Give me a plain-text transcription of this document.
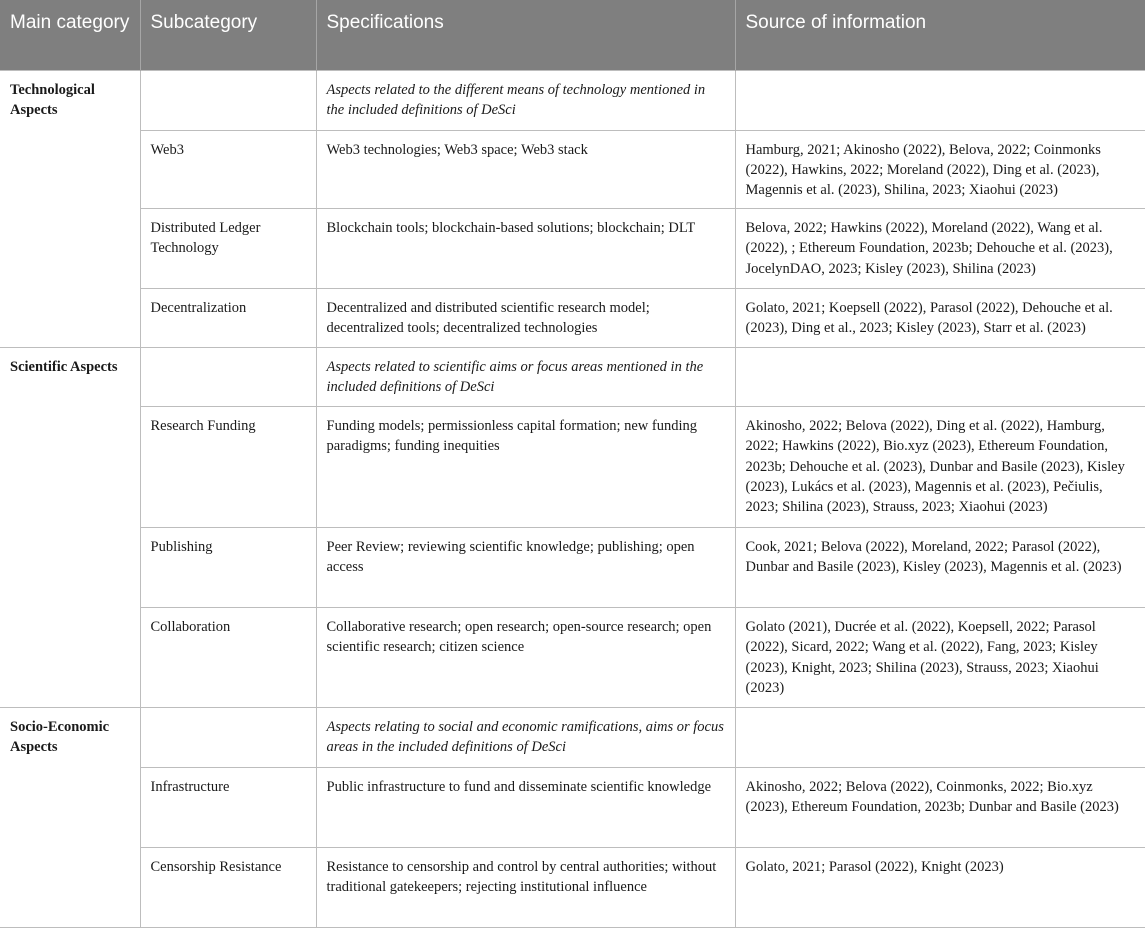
Main category	Subcategory	Specifications	Source of information
Technological Aspects		Aspects related to the different means of technology mentioned in the included definitions of DeSci	
	Web3	Web3 technologies; Web3 space; Web3 stack	Hamburg, 2021; Akinosho (2022), Belova, 2022; Coinmonks (2022), Hawkins, 2022; Moreland (2022), Ding et al. (2023), Magennis et al. (2023), Shilina, 2023; Xiaohui (2023)
	Distributed Ledger Technology	Blockchain tools; blockchain-based solutions; blockchain; DLT	Belova, 2022; Hawkins (2022), Moreland (2022), Wang et al. (2022), ; Ethereum Foundation, 2023b; Dehouche et al. (2023), JocelynDAO, 2023; Kisley (2023), Shilina (2023)
	Decentralization	Decentralized and distributed scientific research model; decentralized tools; decentralized technologies	Golato, 2021; Koepsell (2022), Parasol (2022), Dehouche et al. (2023), Ding et al., 2023; Kisley (2023), Starr et al. (2023)
Scientific Aspects		Aspects related to scientific aims or focus areas mentioned in the included definitions of DeSci	
	Research Funding	Funding models; permissionless capital formation; new funding paradigms; funding inequities	Akinosho, 2022; Belova (2022), Ding et al. (2022), Hamburg, 2022; Hawkins (2022), Bio.xyz (2023), Ethereum Foundation, 2023b; Dehouche et al. (2023), Dunbar and Basile (2023), Kisley (2023), Lukács et al. (2023), Magennis et al. (2023), Pečiulis, 2023; Shilina (2023), Strauss, 2023; Xiaohui (2023)
	Publishing	Peer Review; reviewing scientific knowledge; publishing; open access	Cook, 2021; Belova (2022), Moreland, 2022; Parasol (2022), Dunbar and Basile (2023), Kisley (2023), Magennis et al. (2023)
	Collaboration	Collaborative research; open research; open-source research; open scientific research; citizen science	Golato (2021), Ducrée et al. (2022), Koepsell, 2022; Parasol (2022), Sicard, 2022; Wang et al. (2022), Fang, 2023; Kisley (2023), Knight, 2023; Shilina (2023), Strauss, 2023; Xiaohui (2023)
Socio-Economic Aspects		Aspects relating to social and economic ramifications, aims or focus areas in the included definitions of DeSci	
	Infrastructure	Public infrastructure to fund and disseminate scientific knowledge	Akinosho, 2022; Belova (2022), Coinmonks, 2022; Bio.xyz (2023), Ethereum Foundation, 2023b; Dunbar and Basile (2023)
	Censorship Resistance	Resistance to censorship and control by central authorities; without traditional gatekeepers; rejecting institutional influence	Golato, 2021; Parasol (2022), Knight (2023)
